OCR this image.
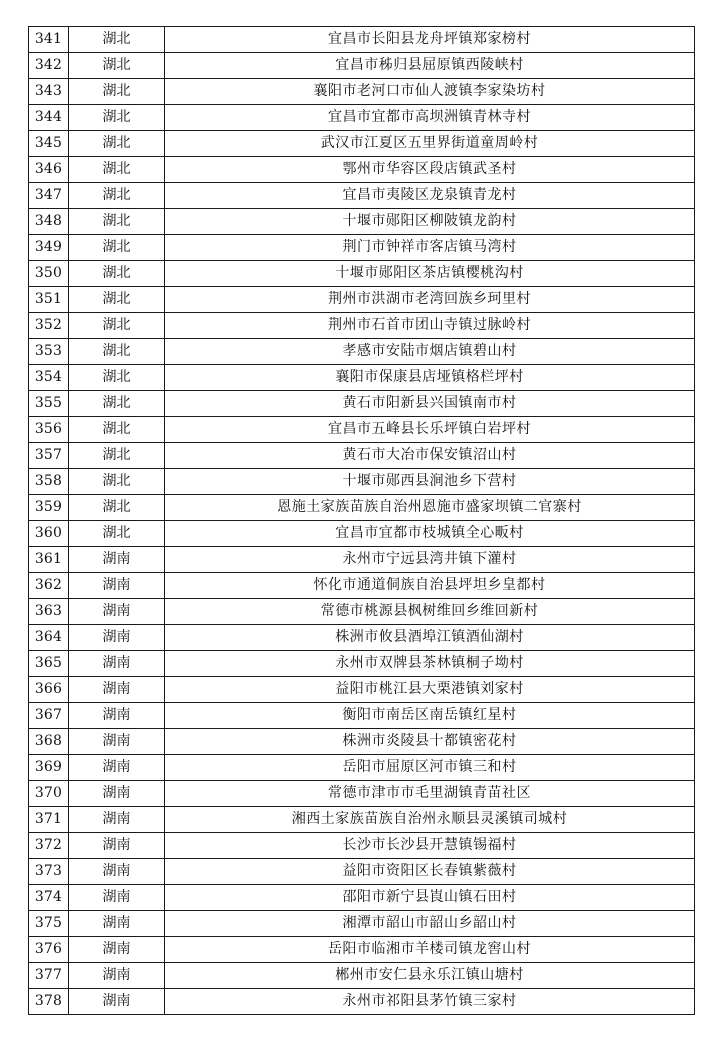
341	湖北	宜昌市长阳县龙舟坪镇郑家榜村
342	湖北	宜昌市秭归县屈原镇西陵峡村
343	湖北	襄阳市老河口市仙人渡镇李家染坊村
344	湖北	宜昌市宜都市高坝洲镇青林寺村
345	湖北	武汉市江夏区五里界街道童周岭村
346	湖北	鄂州市华容区段店镇武圣村
347	湖北	宜昌市夷陵区龙泉镇青龙村
348	湖北	十堰市郧阳区柳陂镇龙韵村
349	湖北	荆门市钟祥市客店镇马湾村
350	湖北	十堰市郧阳区茶店镇樱桃沟村
351	湖北	荆州市洪湖市老湾回族乡珂里村
352	湖北	荆州市石首市团山寺镇过脉岭村
353	湖北	孝感市安陆市烟店镇碧山村
354	湖北	襄阳市保康县店垭镇格栏坪村
355	湖北	黄石市阳新县兴国镇南市村
356	湖北	宜昌市五峰县长乐坪镇白岩坪村
357	湖北	黄石市大冶市保安镇沼山村
358	湖北	十堰市郧西县涧池乡下营村
359	湖北	恩施土家族苗族自治州恩施市盛家坝镇二官寨村
360	湖北	宜昌市宜都市枝城镇全心畈村
361	湖南	永州市宁远县湾井镇下灌村
362	湖南	怀化市通道侗族自治县坪坦乡皇都村
363	湖南	常德市桃源县枫树维回乡维回新村
364	湖南	株洲市攸县酒埠江镇酒仙湖村
365	湖南	永州市双牌县茶林镇桐子坳村
366	湖南	益阳市桃江县大栗港镇刘家村
367	湖南	衡阳市南岳区南岳镇红星村
368	湖南	株洲市炎陵县十都镇密花村
369	湖南	岳阳市屈原区河市镇三和村
370	湖南	常德市津市市毛里湖镇青苗社区
371	湖南	湘西土家族苗族自治州永顺县灵溪镇司城村
372	湖南	长沙市长沙县开慧镇锡福村
373	湖南	益阳市资阳区长春镇紫薇村
374	湖南	邵阳市新宁县崀山镇石田村
375	湖南	湘潭市韶山市韶山乡韶山村
376	湖南	岳阳市临湘市羊楼司镇龙窖山村
377	湖南	郴州市安仁县永乐江镇山塘村
378	湖南	永州市祁阳县茅竹镇三家村
